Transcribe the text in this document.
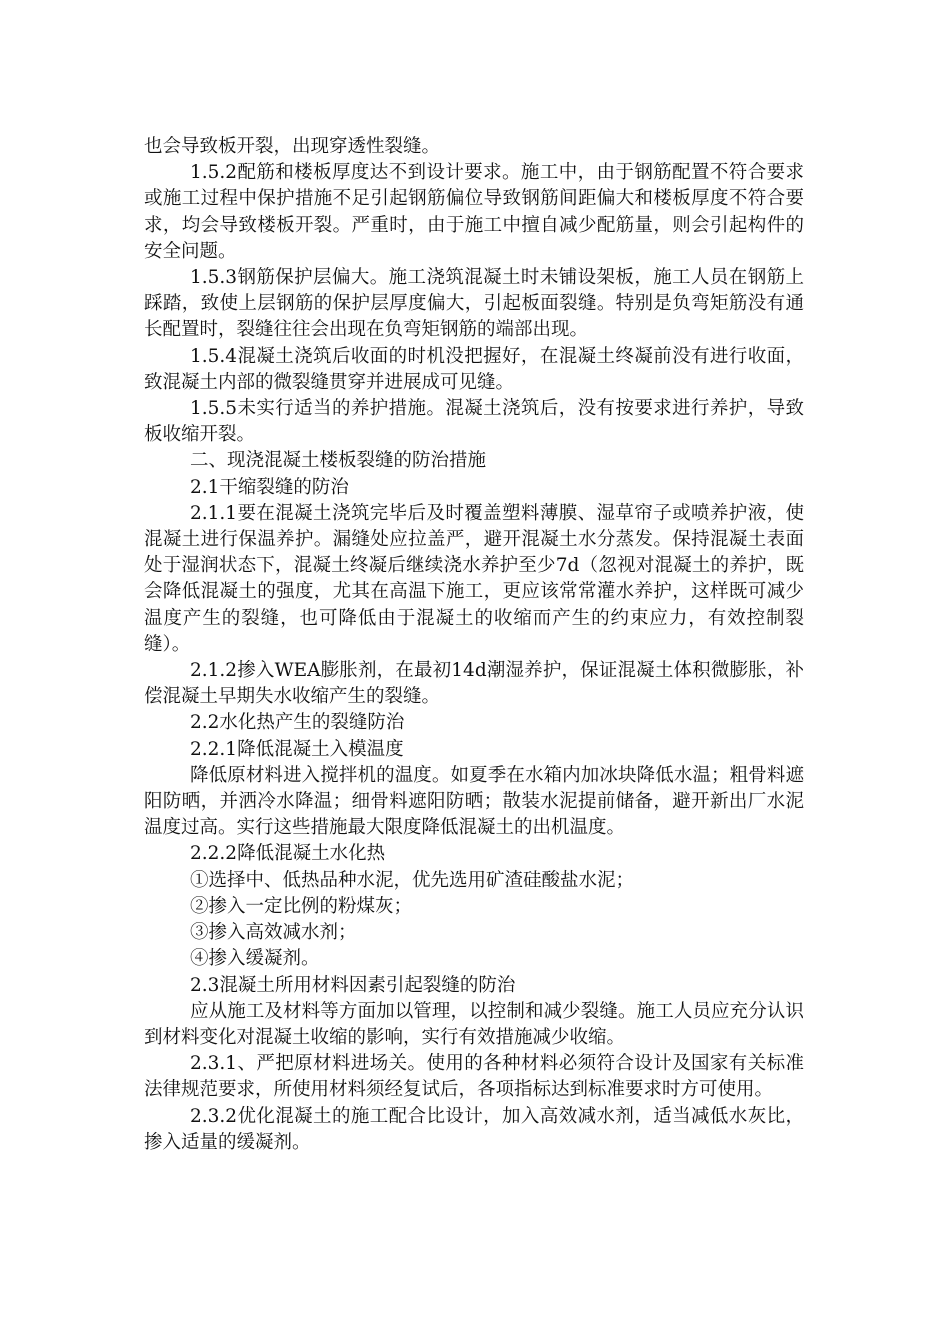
也会导致板开裂，出现穿透性裂缝。

1.5.2配筋和楼板厚度达不到设计要求。施工中，由于钢筋配置不符合要求或施工过程中保护措施不足引起钢筋偏位导致钢筋间距偏大和楼板厚度不符合要求，均会导致楼板开裂。严重时，由于施工中擅自减少配筋量，则会引起构件的安全问题。

1.5.3钢筋保护层偏大。施工浇筑混凝土时未铺设架板，施工人员在钢筋上踩踏，致使上层钢筋的保护层厚度偏大，引起板面裂缝。特别是负弯矩筋没有通长配置时，裂缝往往会出现在负弯矩钢筋的端部出现。

1.5.4混凝土浇筑后收面的时机没把握好，在混凝土终凝前没有进行收面，致混凝土内部的微裂缝贯穿并进展成可见缝。

1.5.5未实行适当的养护措施。混凝土浇筑后，没有按要求进行养护，导致板收缩开裂。

二、现浇混凝土楼板裂缝的防治措施

2.1干缩裂缝的防治

2.1.1要在混凝土浇筑完毕后及时覆盖塑料薄膜、湿草帘子或喷养护液，使混凝土进行保温养护。漏缝处应拉盖严，避开混凝土水分蒸发。保持混凝土表面处于湿润状态下，混凝土终凝后继续浇水养护至少7d（忽视对混凝土的养护，既会降低混凝土的强度，尤其在高温下施工，更应该常常灌水养护，这样既可减少温度产生的裂缝，也可降低由于混凝土的收缩而产生的约束应力，有效控制裂缝）。

2.1.2掺入WEA膨胀剂，在最初14d潮湿养护，保证混凝土体积微膨胀，补偿混凝土早期失水收缩产生的裂缝。

2.2水化热产生的裂缝防治

2.2.1降低混凝土入模温度

降低原材料进入搅拌机的温度。如夏季在水箱内加冰块降低水温；粗骨料遮阳防晒，并洒冷水降温；细骨料遮阳防晒；散装水泥提前储备，避开新出厂水泥温度过高。实行这些措施最大限度降低混凝土的出机温度。

2.2.2降低混凝土水化热

①选择中、低热品种水泥，优先选用矿渣硅酸盐水泥；

②掺入一定比例的粉煤灰；

③掺入高效减水剂；

④掺入缓凝剂。

2.3混凝土所用材料因素引起裂缝的防治

应从施工及材料等方面加以管理，以控制和减少裂缝。施工人员应充分认识到材料变化对混凝土收缩的影响，实行有效措施减少收缩。

2.3.1、严把原材料进场关。使用的各种材料必须符合设计及国家有关标准法律规范要求，所使用材料须经复试后，各项指标达到标准要求时方可使用。

2.3.2优化混凝土的施工配合比设计，加入高效减水剂，适当减低水灰比，掺入适量的缓凝剂。
